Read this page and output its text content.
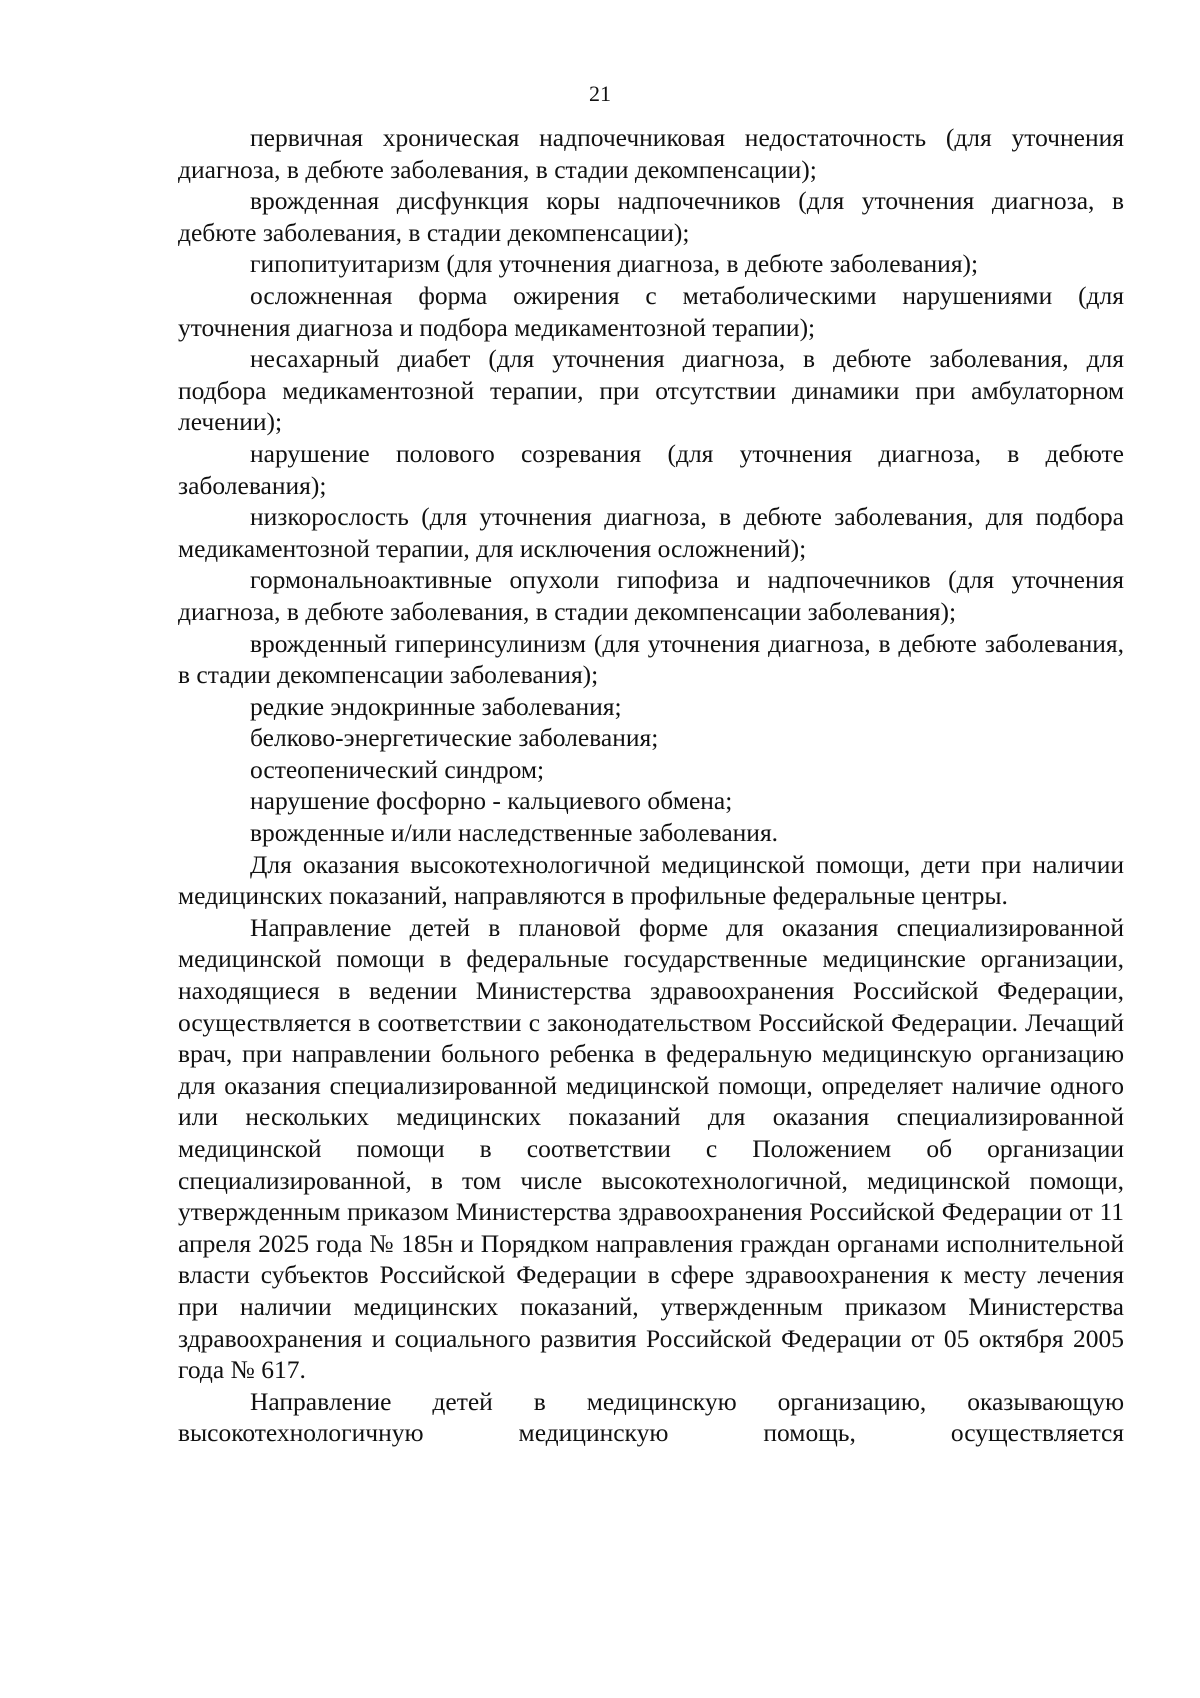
21

первичная хроническая надпочечниковая недостаточность (для уточнения диагноза, в дебюте заболевания, в стадии декомпенсации);

врожденная дисфункция коры надпочечников (для уточнения диагноза, в дебюте заболевания, в стадии декомпенсации);

гипопитуитаризм (для уточнения диагноза, в дебюте заболевания);

осложненная форма ожирения с метаболическими нарушениями (для уточнения диагноза и подбора медикаментозной терапии);

несахарный диабет (для уточнения диагноза, в дебюте заболевания, для подбора медикаментозной терапии, при отсутствии динамики при амбулаторном лечении);

нарушение полового созревания (для уточнения диагноза, в дебюте заболевания);

низкорослость (для уточнения диагноза, в дебюте заболевания, для подбора медикаментозной терапии, для исключения осложнений);

гормональноактивные опухоли гипофиза и надпочечников (для уточнения диагноза, в дебюте заболевания, в стадии декомпенсации заболевания);

врожденный гиперинсулинизм (для уточнения диагноза, в дебюте заболевания, в стадии декомпенсации заболевания);

редкие эндокринные заболевания;

белково-энергетические заболевания;

остеопенический синдром;

нарушение фосфорно - кальциевого обмена;

врожденные и/или наследственные заболевания.

Для оказания высокотехнологичной медицинской помощи, дети при наличии медицинских показаний, направляются в профильные федеральные центры.

Направление детей в плановой форме для оказания специализированной медицинской помощи в федеральные государственные медицинские организации, находящиеся в ведении Министерства здравоохранения Российской Федерации, осуществляется в соответствии с законодательством Российской Федерации. Лечащий врач, при направлении больного ребенка в федеральную медицинскую организацию для оказания специализированной медицинской помощи, определяет наличие одного или нескольких медицинских показаний для оказания специализированной медицинской помощи в соответствии с Положением об организации специализированной, в том числе высокотехнологичной, медицинской помощи, утвержденным приказом Министерства здравоохранения Российской Федерации от 11 апреля 2025 года № 185н и Порядком направления граждан органами исполнительной власти субъектов Российской Федерации в сфере здравоохранения к месту лечения при наличии медицинских показаний, утвержденным приказом Министерства здравоохранения и социального развития Российской Федерации от 05 октября 2005 года № 617.

Направление детей в медицинскую организацию, оказывающую высокотехнологичную медицинскую помощь, осуществляется
